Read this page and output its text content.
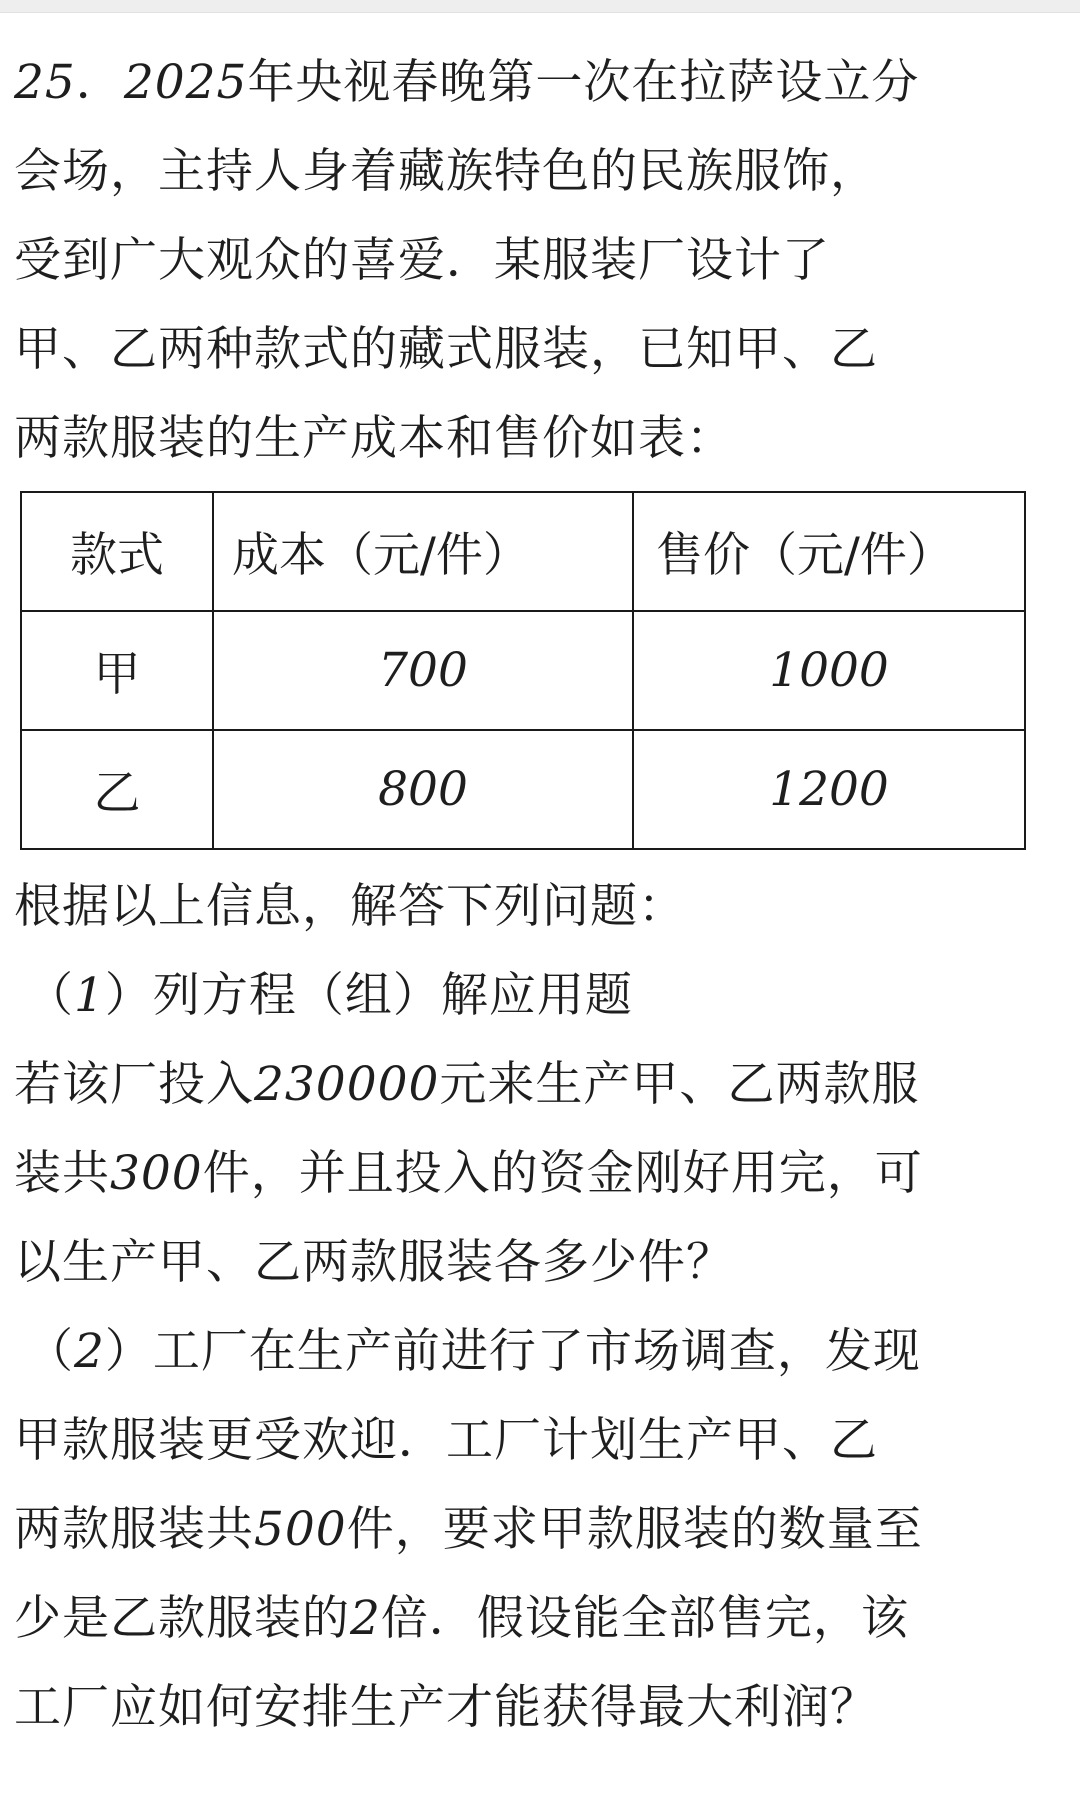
25．2025年央视春晚第一次在拉萨设立分
会场，主持人身着藏族特色的民族服饰，
受到广大观众的喜爱．某服装厂设计了
甲、乙两种款式的藏式服装，已知甲、乙
两款服装的生产成本和售价如表：
款式	成本（元/件）	售价（元/件）
甲	700	1000
乙	800	1200
根据以上信息，解答下列问题：
（1）列方程（组）解应用题
若该厂投入230000元来生产甲、乙两款服
装共300件，并且投入的资金刚好用完，可
以生产甲、乙两款服装各多少件？
（2）工厂在生产前进行了市场调查，发现
甲款服装更受欢迎．工厂计划生产甲、乙
两款服装共500件，要求甲款服装的数量至
少是乙款服装的2倍．假设能全部售完，该
工厂应如何安排生产才能获得最大利润？
